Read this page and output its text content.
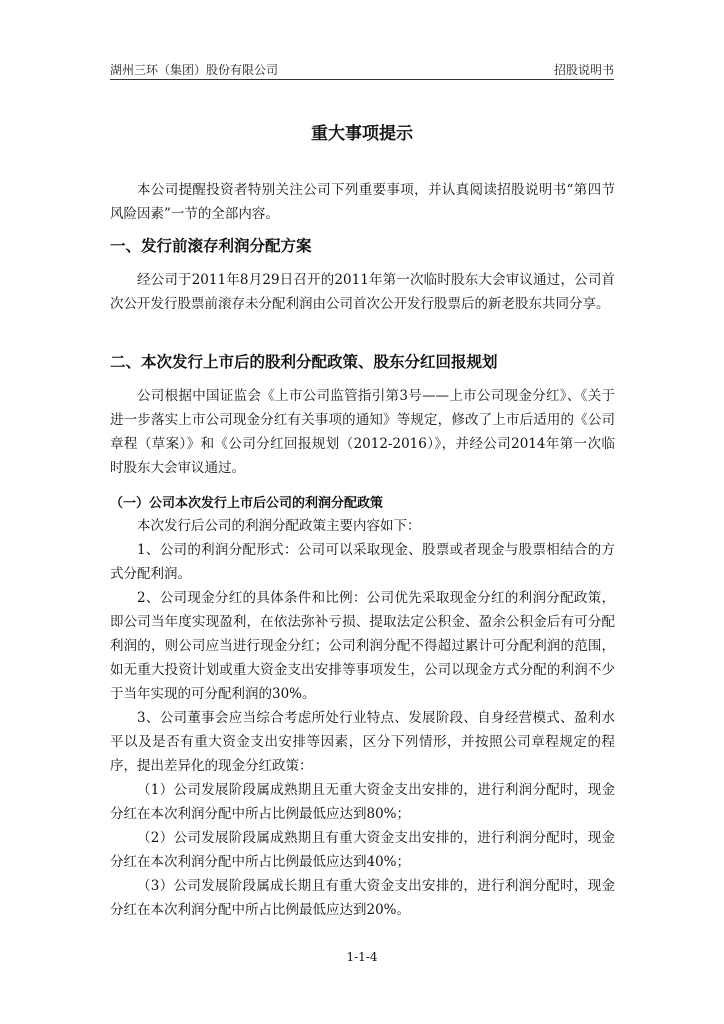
湖州三环（集团）股份有限公司	招股说明书
重大事项提示

本公司提醒投资者特别关注公司下列重要事项，并认真阅读招股说明书“第四节 风险因素”一节的全部内容。

一、发行前滚存利润分配方案

经公司于2011年8月29日召开的2011年第一次临时股东大会审议通过，公司首次公开发行股票前滚存未分配利润由公司首次公开发行股票后的新老股东共同分享。

二、本次发行上市后的股利分配政策、股东分红回报规划

公司根据中国证监会《上市公司监管指引第3号——上市公司现金分红》、《关于进一步落实上市公司现金分红有关事项的通知》等规定，修改了上市后适用的《公司章程（草案）》和《公司分红回报规划（2012-2016）》，并经公司2014年第一次临时股东大会审议通过。

（一）公司本次发行上市后公司的利润分配政策

本次发行后公司的利润分配政策主要内容如下：

1、公司的利润分配形式：公司可以采取现金、股票或者现金与股票相结合的方式分配利润。

2、公司现金分红的具体条件和比例：公司优先采取现金分红的利润分配政策，即公司当年度实现盈利，在依法弥补亏损、提取法定公积金、盈余公积金后有可分配利润的，则公司应当进行现金分红；公司利润分配不得超过累计可分配利润的范围，如无重大投资计划或重大资金支出安排等事项发生，公司以现金方式分配的利润不少于当年实现的可分配利润的30%。

3、公司董事会应当综合考虑所处行业特点、发展阶段、自身经营模式、盈利水平以及是否有重大资金支出安排等因素，区分下列情形，并按照公司章程规定的程序，提出差异化的现金分红政策：

（1）公司发展阶段属成熟期且无重大资金支出安排的，进行利润分配时，现金分红在本次利润分配中所占比例最低应达到80%；

（2）公司发展阶段属成熟期且有重大资金支出安排的，进行利润分配时，现金分红在本次利润分配中所占比例最低应达到40%；

（3）公司发展阶段属成长期且有重大资金支出安排的，进行利润分配时，现金分红在本次利润分配中所占比例最低应达到20%。

1-1-4
